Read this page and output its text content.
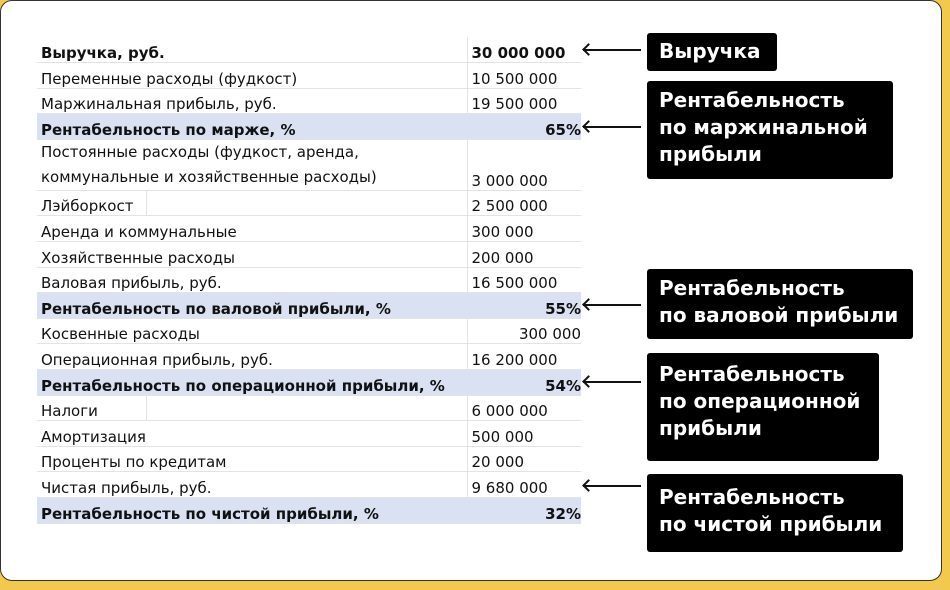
Выручка, руб.		30 000 000
Переменные расходы (фудкост)		10 500 000
Маржинальная прибыль, руб.		19 500 000
Рентабельность по марже, %		65%
Постоянные расходы (фудкост, аренда, коммунальные и хозяйственные расходы)		3 000 000
Лэйборкост		2 500 000
Аренда и коммунальные		300 000
Хозяйственные расходы		200 000
Валовая прибыль, руб.		16 500 000
Рентабельность по валовой прибыли, %		55%
Косвенные расходы		300 000
Операционная прибыль, руб.		16 200 000
Рентабельность по операционной прибыли, %		54%
Налоги		6 000 000
Амортизация		500 000
Проценты по кредитам		20 000
Чистая прибыль, руб.		9 680 000
Рентабельность по чистой прибыли, %		32%
Выручка
Рентабельность
по маржинальной
прибыли
Рентабельность
по валовой прибыли
Рентабельность
по операционной
прибыли
Рентабельность
по чистой прибыли
